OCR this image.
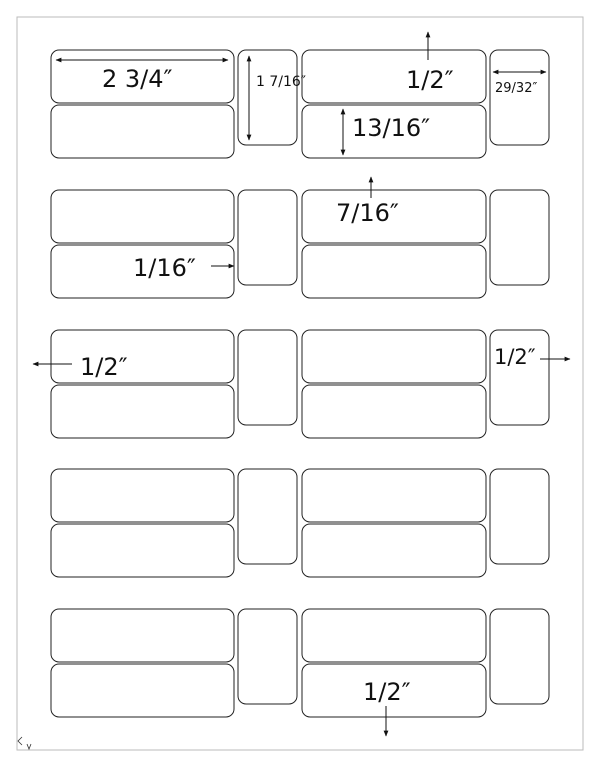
2 3/4″	1 7/16″	1/2″	29/32″
13/16″
7/16″
1/16″
1/2″	1/2″
1/2″
